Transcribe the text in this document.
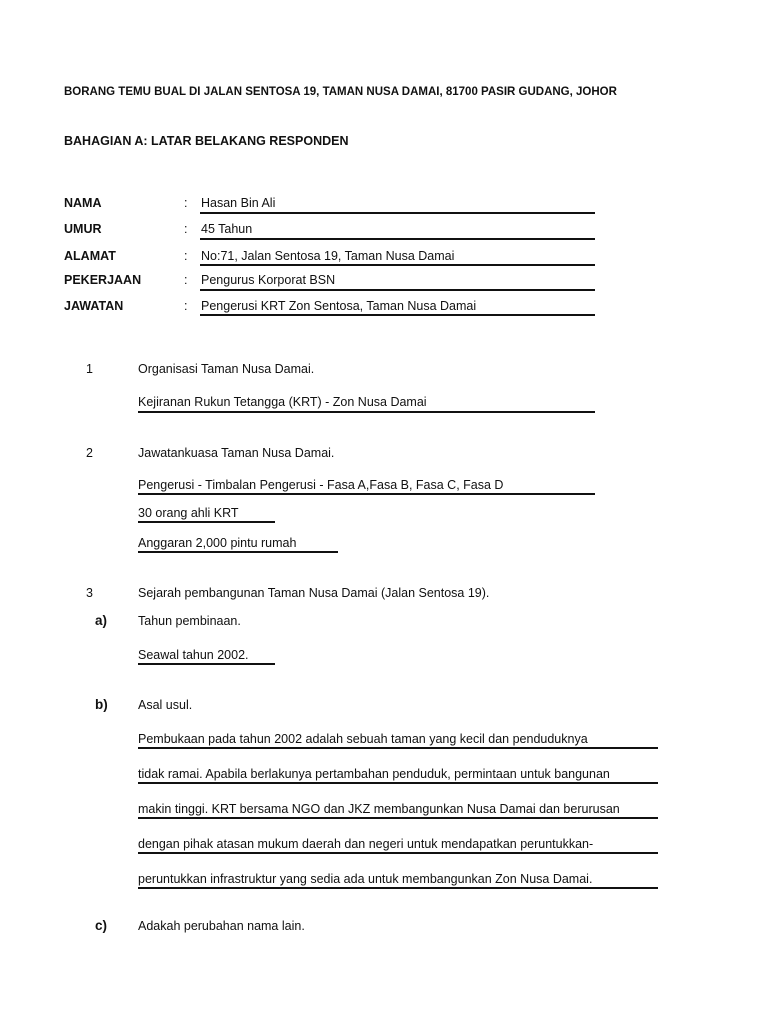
BORANG TEMU BUAL DI JALAN SENTOSA 19, TAMAN NUSA DAMAI, 81700 PASIR GUDANG, JOHOR
BAHAGIAN A: LATAR BELAKANG RESPONDEN
NAMA	: Hasan Bin Ali
UMUR	: 45 Tahun
ALAMAT	: No:71, Jalan Sentosa 19, Taman Nusa Damai
PEKERJAAN	: Pengurus Korporat BSN
JAWATAN	: Pengerusi KRT Zon Sentosa, Taman Nusa Damai
1	Organisasi Taman Nusa Damai.
Kejiranan Rukun Tetangga (KRT) - Zon Nusa Damai
2	Jawatankuasa Taman Nusa Damai.
Pengerusi - Timbalan Pengerusi - Fasa A,Fasa B, Fasa C, Fasa D
30 orang ahli KRT
Anggaran 2,000 pintu rumah
3	Sejarah pembangunan Taman Nusa Damai (Jalan Sentosa 19).
a) Tahun pembinaan.
Seawal tahun 2002.
b) Asal usul.
Pembukaan pada tahun 2002 adalah sebuah taman yang kecil dan penduduknya
tidak ramai. Apabila berlakunya pertambahan penduduk, permintaan untuk bangunan
makin tinggi. KRT bersama NGO dan JKZ membangunkan Nusa Damai dan berurusan
dengan pihak atasan mukum daerah dan negeri untuk mendapatkan peruntukkan-
peruntukkan infrastruktur yang sedia ada untuk membangunkan Zon Nusa Damai.
c) Adakah perubahan nama lain.
